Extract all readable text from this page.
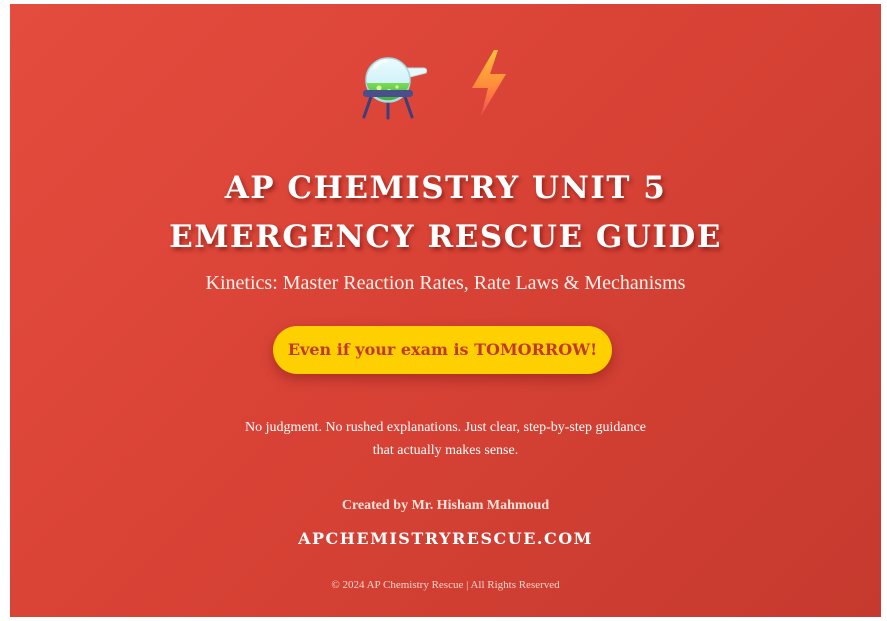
AP CHEMISTRY UNIT 5
EMERGENCY RESCUE GUIDE
Kinetics: Master Reaction Rates, Rate Laws & Mechanisms
Even if your exam is TOMORROW!
No judgment. No rushed explanations. Just clear, step-by-step guidance
that actually makes sense.
Created by Mr. Hisham Mahmoud
APCHEMISTRYRESCUE.COM
© 2024 AP Chemistry Rescue | All Rights Reserved
